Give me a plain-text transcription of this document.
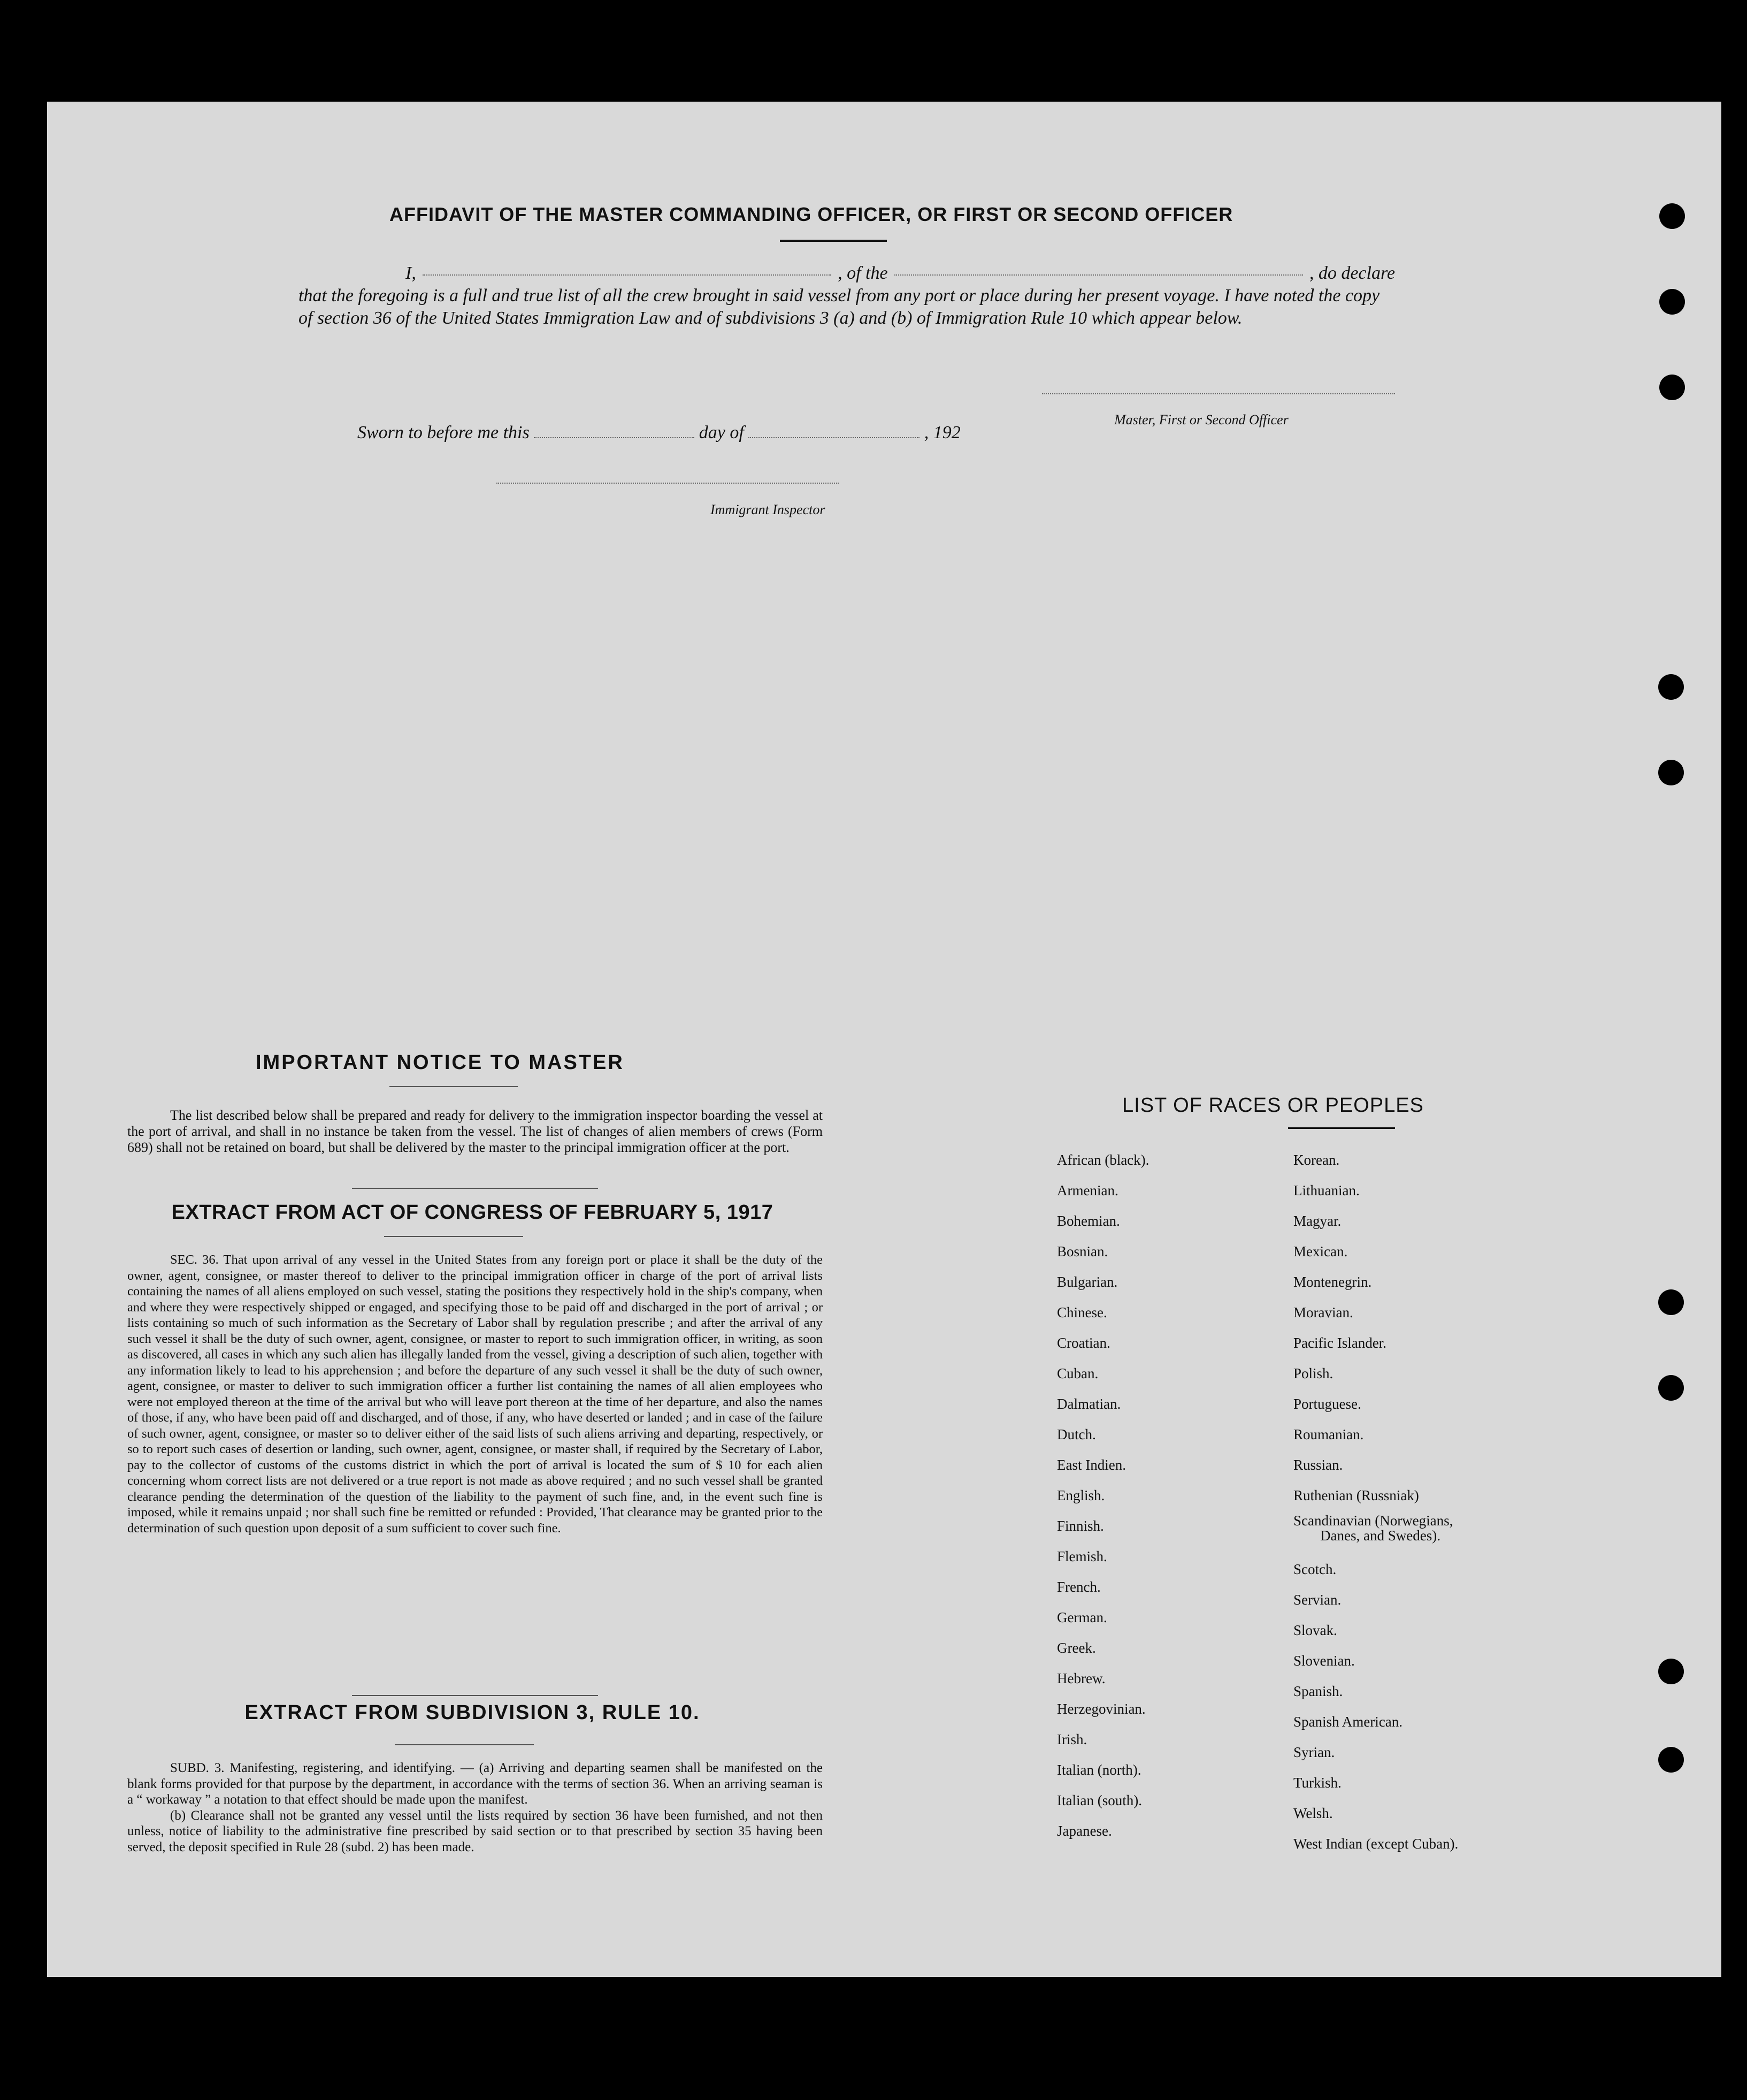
AFFIDAVIT OF THE MASTER COMMANDING OFFICER, OR FIRST OR SECOND OFFICER
I,	, of the	, do declare

that the foregoing is a full and true list of all the crew brought in said vessel from any port or place during her present voyage. I have noted the copy of section 36 of the United States Immigration Law and of subdivisions 3 (a) and (b) of Immigration Rule 10 which appear below.

Master, First or Second Officer
Sworn to before me this	day of	, 192
Immigrant Inspector
IMPORTANT NOTICE TO MASTER

The list described below shall be prepared and ready for delivery to the immigration inspector boarding the vessel at the port of arrival, and shall in no instance be taken from the vessel. The list of changes of alien members of crews (Form 689) shall not be retained on board, but shall be delivered by the master to the principal immigration officer at the port.

EXTRACT FROM ACT OF CONGRESS OF FEBRUARY 5, 1917

SEC. 36. That upon arrival of any vessel in the United States from any foreign port or place it shall be the duty of the owner, agent, consignee, or master thereof to deliver to the principal immigration officer in charge of the port of arrival lists containing the names of all aliens employed on such vessel, stating the positions they respectively hold in the ship's company, when and where they were respectively shipped or engaged, and specifying those to be paid off and discharged in the port of arrival ; or lists containing so much of such information as the Secretary of Labor shall by regulation prescribe ; and after the arrival of any such vessel it shall be the duty of such owner, agent, consignee, or master to report to such immigration officer, in writing, as soon as discovered, all cases in which any such alien has illegally landed from the vessel, giving a description of such alien, together with any information likely to lead to his apprehension ; and before the departure of any such vessel it shall be the duty of such owner, agent, consignee, or master to deliver to such immigration officer a further list containing the names of all alien employees who were not employed thereon at the time of the arrival but who will leave port thereon at the time of her departure, and also the names of those, if any, who have been paid off and discharged, and of those, if any, who have deserted or landed ; and in case of the failure of such owner, agent, consignee, or master so to deliver either of the said lists of such aliens arriving and departing, respectively, or so to report such cases of desertion or landing, such owner, agent, consignee, or master shall, if required by the Secretary of Labor, pay to the collector of customs of the customs district in which the port of arrival is located the sum of $ 10 for each alien concerning whom correct lists are not delivered or a true report is not made as above required ; and no such vessel shall be granted clearance pending the determination of the question of the liability to the payment of such fine, and, in the event such fine is imposed, while it remains unpaid ; nor shall such fine be remitted or refunded : Provided, That clearance may be granted prior to the determination of such question upon deposit of a sum sufficient to cover such fine.

EXTRACT FROM SUBDIVISION 3, RULE 10.

SUBD. 3. Manifesting, registering, and identifying. — (a) Arriving and departing seamen shall be manifested on the blank forms provided for that purpose by the department, in accordance with the terms of section 36. When an arriving seaman is a “ workaway ” a notation to that effect should be made upon the manifest.

(b) Clearance shall not be granted any vessel until the lists required by section 36 have been furnished, and not then unless, notice of liability to the administrative fine prescribed by said section or to that prescribed by section 35 having been served, the deposit specified in Rule 28 (subd. 2) has been made.

LIST OF RACES OR PEOPLES
African (black).
Armenian.
Bohemian.
Bosnian.
Bulgarian.
Chinese.
Croatian.
Cuban.
Dalmatian.
Dutch.
East Indien.
English.
Finnish.
Flemish.
French.
German.
Greek.
Hebrew.
Herzegovinian.
Irish.
Italian (north).
Italian (south).
Japanese.
Korean.
Lithuanian.
Magyar.
Mexican.
Montenegrin.
Moravian.
Pacific Islander.
Polish.
Portuguese.
Roumanian.
Russian.
Ruthenian (Russniak)
Scandinavian (Norwegians,
Danes, and Swedes).
Scotch.
Servian.
Slovak.
Slovenian.
Spanish.
Spanish American.
Syrian.
Turkish.
Welsh.
West Indian (except Cuban).
